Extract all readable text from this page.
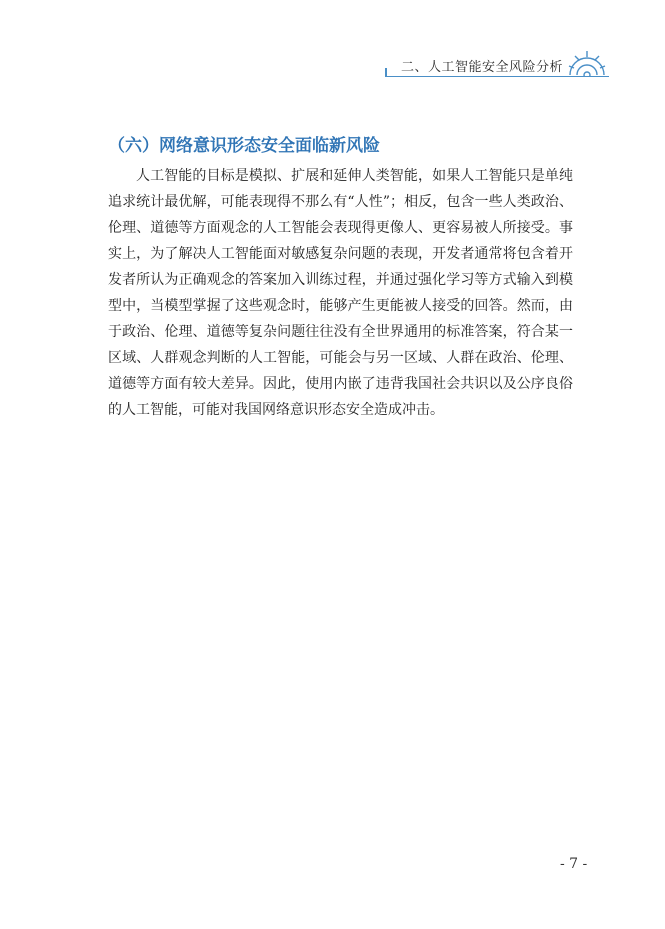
二、人工智能安全风险分析
（六）网络意识形态安全面临新风险

人工智能的目标是模拟、扩展和延伸人类智能，如果人工智能只是单纯追求统计最优解，可能表现得不那么有“人性”；相反，包含一些人类政治、伦理、道德等方面观念的人工智能会表现得更像人、更容易被人所接受。事实上，为了解决人工智能面对敏感复杂问题的表现，开发者通常将包含着开发者所认为正确观念的答案加入训练过程，并通过强化学习等方式输入到模型中，当模型掌握了这些观念时，能够产生更能被人接受的回答。然而，由于政治、伦理、道德等复杂问题往往没有全世界通用的标准答案，符合某一区域、人群观念判断的人工智能，可能会与另一区域、人群在政治、伦理、道德等方面有较大差异。因此，使用内嵌了违背我国社会共识以及公序良俗的人工智能，可能对我国网络意识形态安全造成冲击。

- 7 -
